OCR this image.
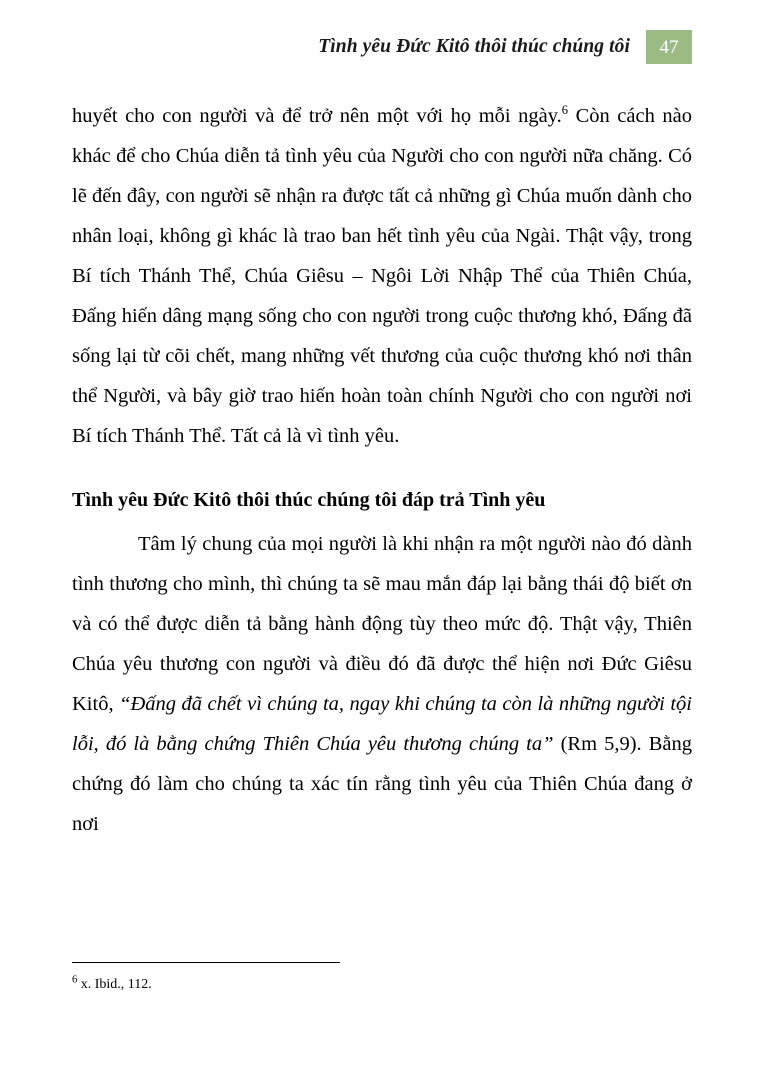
Tình yêu Đức Kitô thôi thúc chúng tôi	47

huyết cho con người và để trở nên một với họ mỗi ngày.$^6$ Còn cách nào khác để cho Chúa diễn tả tình yêu của Người cho con người nữa chăng. Có lẽ đến đây, con người sẽ nhận ra được tất cả những gì Chúa muốn dành cho nhân loại, không gì khác là trao ban hết tình yêu của Ngài. Thật vậy, trong Bí tích Thánh Thể, Chúa Giêsu – Ngôi Lời Nhập Thể của Thiên Chúa, Đấng hiến dâng mạng sống cho con người trong cuộc thương khó, Đấng đã sống lại từ cõi chết, mang những vết thương của cuộc thương khó nơi thân thể Người, và bây giờ trao hiến hoàn toàn chính Người cho con người nơi Bí tích Thánh Thể. Tất cả là vì tình yêu.

Tình yêu Đức Kitô thôi thúc chúng tôi đáp trả Tình yêu

Tâm lý chung của mọi người là khi nhận ra một người nào đó dành tình thương cho mình, thì chúng ta sẽ mau mắn đáp lại bằng thái độ biết ơn và có thể được diễn tả bằng hành động tùy theo mức độ. Thật vậy, Thiên Chúa yêu thương con người và điều đó đã được thể hiện nơi Đức Giêsu Kitô, “Đấng đã chết vì chúng ta, ngay khi chúng ta còn là những người tội lỗi, đó là bằng chứng Thiên Chúa yêu thương chúng ta” (Rm 5,9). Bằng chứng đó làm cho chúng ta xác tín rằng tình yêu của Thiên Chúa đang ở nơi

$^6$ x. Ibid., 112.
